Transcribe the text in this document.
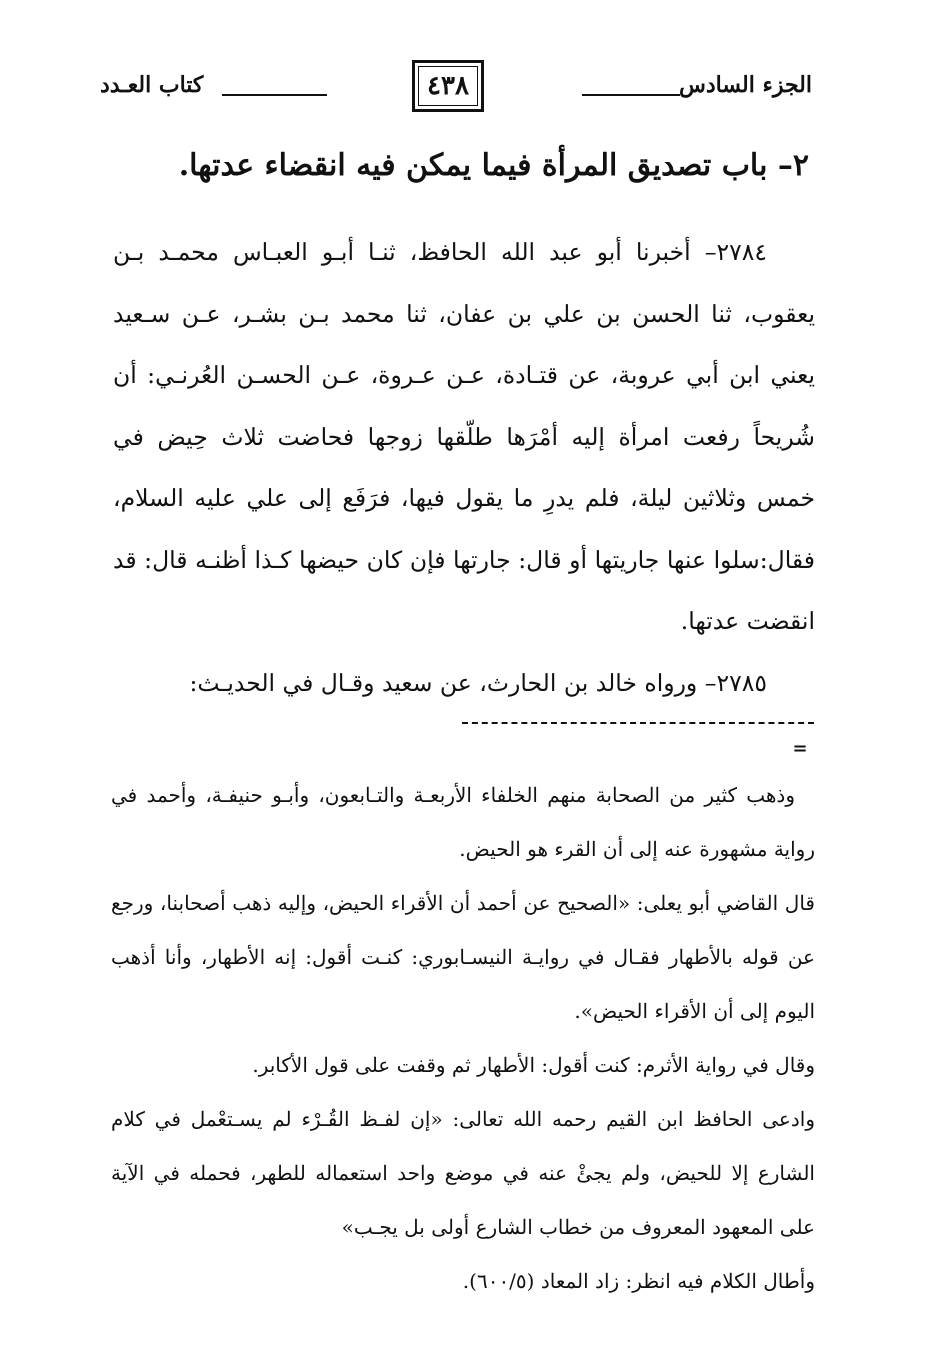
الجزء السادس
٤٣٨
كتاب العـدد
٢– باب تصديق المرأة فيما يمكن فيه انقضاء عدتها.

٢٧٨٤– أخبرنا أبو عبد الله الحافظ، ثنـا أبـو العبـاس محمـد بـن يعقوب، ثنا الحسن بن علي بن عفان، ثنا محمد بـن بشـر، عـن سـعيد يعني ابن أبي عروبة، عن قتـادة، عـن عـروة، عـن الحسـن العُرنـي: أن شُريحاً رفعت امرأة إليه أمْرَها طلّقها زوجها فحاضت ثلاث حِيض في خمس وثلاثين ليلة، فلم يدرِ ما يقول فيها، فرَفَع إلى علي عليه السلام، فقال:سلوا عنها جاريتها أو قال: جارتها فإن كان حيضها كـذا أظنـه قال: قد انقضت عدتها.

٢٧٨٥– ورواه خالد بن الحارث، عن سعيد وقـال في الحديـث:

=

وذهب كثير من الصحابة منهم الخلفاء الأربعـة والتـابعون، وأبـو حنيفـة، وأحمد في رواية مشهورة عنه إلى أن القرء هو الحيض.

قال القاضي أبو يعلى: «الصحيح عن أحمد أن الأقراء الحيض، وإليه ذهب أصحابنا، ورجع عن قوله بالأطهار فقـال في روايـة النيسـابوري: كنـت أقول: إنه الأطهار، وأنا أذهب اليوم إلى أن الأقراء الحيض».

وقال في رواية الأثرم: كنت أقول: الأطهار ثم وقفت على قول الأكابر.

وادعى الحافظ ابن القيم رحمه الله تعالى: «إن لفـظ القُـرْء لم يسـتعْمل في كلام الشارع إلا للحيض، ولم يجئْ عنه في موضع واحد استعماله للطهر، فحمله في الآية على المعهود المعروف من خطاب الشارع أولى بل يجـب»

وأطال الكلام فيه انظر: زاد المعاد (٦٠٠/٥).
